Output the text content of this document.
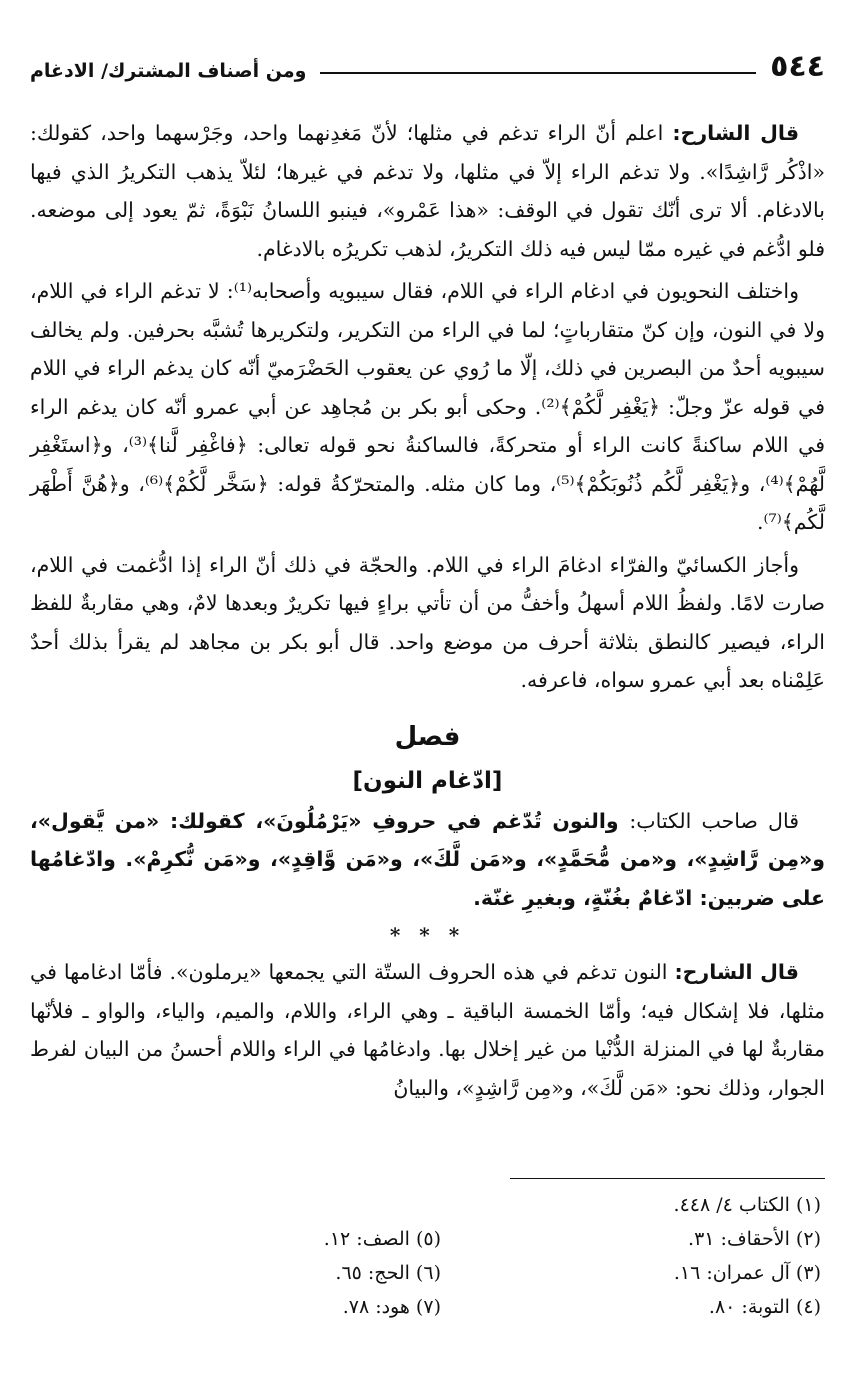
٥٤٤
ومن أصناف المشترك/ الادغام

قال الشارح: اعلم أنّ الراء تدغم في مثلها؛ لأنّ مَغدِنهما واحد، وجَرْسهما واحد، كقولك: «اذْكُر رَّاشِدًا». ولا تدغم الراء إلاّ في مثلها، ولا تدغم في غيرها؛ لئلاّ يذهب التكريرُ الذي فيها بالادغام. ألا ترى أنّك تقول في الوقف: «هذا عَمْرو»، فينبو اللسانُ نَبْوَةً، ثمّ يعود إلى موضعه. فلو ادُّغم في غيره ممّا ليس فيه ذلك التكريرُ، لذهب تكريرُه بالادغام.

واختلف النحويون في ادغام الراء في اللام، فقال سيبويه وأصحابه⁽¹⁾: لا تدغم الراء في اللام، ولا في النون، وإن كنّ متقارباتٍ؛ لما في الراء من التكرير، ولتكريرها تُشبَّه بحرفين. ولم يخالف سيبويه أحدٌ من البصرين في ذلك، إلّا ما رُوي عن يعقوب الحَضْرَميّ أنّه كان يدغم الراء في اللام في قوله عزّ وجلّ: ﴿يَغْفِر لَّكُمْ﴾⁽²⁾. وحكى أبو بكر بن مُجاهِد عن أبي عمرو أنّه كان يدغم الراء في اللام ساكنةً كانت الراء أو متحركةً، فالساكنةُ نحو قوله تعالى: ﴿فاغْفِر لَّنا﴾⁽³⁾، و﴿استَغْفِر لَّهُمْ﴾⁽⁴⁾، و﴿يَغْفِر لَّكُم ذُنُوبَكُمْ﴾⁽⁵⁾، وما كان مثله. والمتحرّكةُ قوله: ﴿سَخَّر لَّكُمْ﴾⁽⁶⁾، و﴿هُنَّ أَطْهَر لَّكُم﴾⁽⁷⁾.

وأجاز الكسائيّ والفرّاء ادغامَ الراء في اللام. والحجّة في ذلك أنّ الراء إذا ادُّغمت في اللام، صارت لامًا. ولفظُ اللام أسهلُ وأخفُّ من أن تأتي براءٍ فيها تكريرٌ وبعدها لامٌ، وهي مقاربةٌ للفظ الراء، فيصير كالنطق بثلاثة أحرف من موضع واحد. قال أبو بكر بن مجاهد لم يقرأ بذلك أحدٌ عَلِمْناه بعد أبي عمرو سواه، فاعرفه.

فصل
[ادّغام النون]

قال صاحب الكتاب: والنون تُدّغم في حروفِ «يَرْمُلُونَ»، كقولك: «من يَّقول»، و«مِن رَّاشِدٍ»، و«من مُّحَمَّدٍ»، و«مَن لَّكَ»، و«مَن وَّاقِدٍ»، و«مَن نُّكرِمْ». وادّغامُها على ضربين: ادّغامٌ بغُنّةٍ، وبغيرِ غنّة.

* * *

قال الشارح: النون تدغم في هذه الحروف الستّة التي يجمعها «يرملون». فأمّا ادغامها في مثلها، فلا إشكال فيه؛ وأمّا الخمسة الباقية ـ وهي الراء، واللام، والميم، والياء، والواو ـ فلأنّها مقاربةٌ لها في المنزلة الدُّنْيا من غير إخلال بها. وادغامُها في الراء واللام أحسنُ من البيان لفرط الجوار، وذلك نحو: «مَن لَّكَ»، و«مِن رَّاشِدٍ»، والبيانُ

(١) الكتاب ٤/ ٤٤٨.
(٢) الأحقاف: ٣١.
(٣) آل عمران: ١٦.
(٤) التوبة: ٨٠.
(٥) الصف: ١٢.
(٦) الحج: ٦٥.
(٧) هود: ٧٨.
